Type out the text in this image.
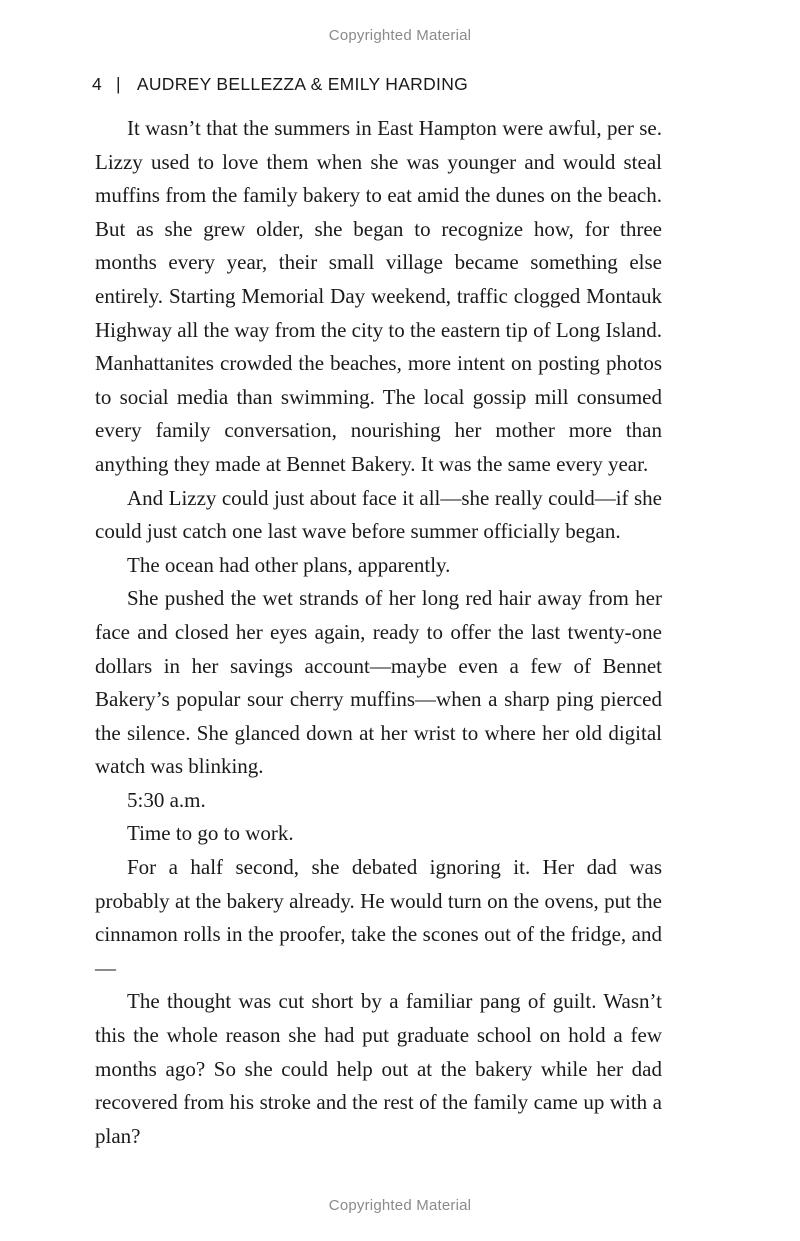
Copyrighted Material
4 | AUDREY BELLEZZA & EMILY HARDING

It wasn’t that the summers in East Hampton were awful, per se. Lizzy used to love them when she was younger and would steal muffins from the family bakery to eat amid the dunes on the beach. But as she grew older, she began to recognize how, for three months every year, their small village became something else entirely. Starting Memorial Day weekend, traffic clogged Montauk Highway all the way from the city to the eastern tip of Long Island. Manhattanites crowded the beaches, more intent on posting photos to social media than swimming. The local gossip mill consumed every family conversation, nourishing her mother more than anything they made at Bennet Bakery. It was the same every year.

And Lizzy could just about face it all—she really could—if she could just catch one last wave before summer officially began.

The ocean had other plans, apparently.

She pushed the wet strands of her long red hair away from her face and closed her eyes again, ready to offer the last twenty-one dollars in her savings account—maybe even a few of Bennet Bakery’s popular sour cherry muffins—when a sharp ping pierced the silence. She glanced down at her wrist to where her old digital watch was blinking.

5:30 a.m.

Time to go to work.

For a half second, she debated ignoring it. Her dad was probably at the bakery already. He would turn on the ovens, put the cinnamon rolls in the proofer, take the scones out of the fridge, and—

The thought was cut short by a familiar pang of guilt. Wasn’t this the whole reason she had put graduate school on hold a few months ago? So she could help out at the bakery while her dad recovered from his stroke and the rest of the family came up with a plan?

Copyrighted Material
